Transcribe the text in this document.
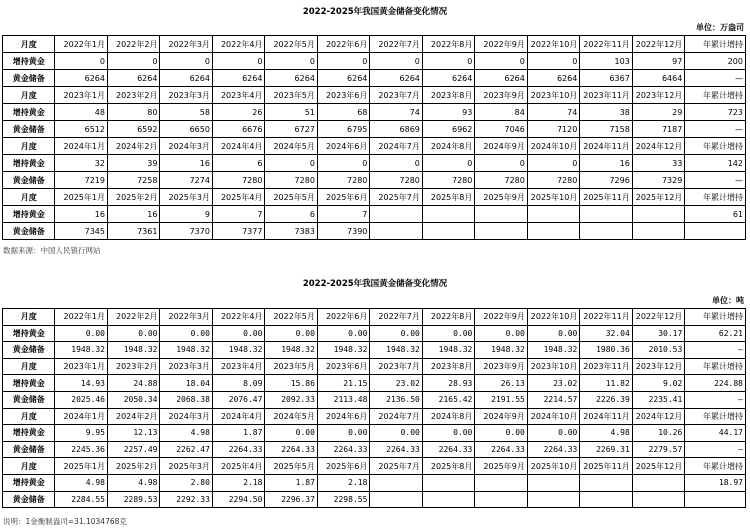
2022-2025年我国黄金储备变化情况
单位：万盎司
月度	2022年1月	2022年2月	2022年3月	2022年4月	2022年5月	2022年6月	2022年7月	2022年8月	2022年9月	2022年10月	2022年11月	2022年12月	年累计增持
增持黄金	0	0	0	0	0	0	0	0	0	0	103	97	200
黄金储备	6264	6264	6264	6264	6264	6264	6264	6264	6264	6264	6367	6464	—
月度	2023年1月	2023年2月	2023年3月	2023年4月	2023年5月	2023年6月	2023年7月	2023年8月	2023年9月	2023年10月	2023年11月	2023年12月	年累计增持
增持黄金	48	80	58	26	51	68	74	93	84	74	38	29	723
黄金储备	6512	6592	6650	6676	6727	6795	6869	6962	7046	7120	7158	7187	—
月度	2024年1月	2024年2月	2024年3月	2024年4月	2024年5月	2024年6月	2024年7月	2024年8月	2024年9月	2024年10月	2024年11月	2024年12月	年累计增持
增持黄金	32	39	16	6	0	0	0	0	0	0	16	33	142
黄金储备	7219	7258	7274	7280	7280	7280	7280	7280	7280	7280	7296	7329	—
月度	2025年1月	2025年2月	2025年3月	2025年4月	2025年5月	2025年6月	2025年7月	2025年8月	2025年9月	2025年10月	2025年11月	2025年12月	年累计增持
增持黄金	16	16	9	7	6	7							61
黄金储备	7345	7361	7370	7377	7383	7390							
数据来源：中国人民银行网站
2022-2025年我国黄金储备变化情况
单位：吨
月度	2022年1月	2022年2月	2022年3月	2022年4月	2022年5月	2022年6月	2022年7月	2022年8月	2022年9月	2022年10月	2022年11月	2022年12月	年累计增持
增持黄金	0.00	0.00	0.00	0.00	0.00	0.00	0.00	0.00	0.00	0.00	32.04	30.17	62.21
黄金储备	1948.32	1948.32	1948.32	1948.32	1948.32	1948.32	1948.32	1948.32	1948.32	1948.32	1980.36	2010.53	—
月度	2023年1月	2023年2月	2023年3月	2023年4月	2023年5月	2023年6月	2023年7月	2023年8月	2023年9月	2023年10月	2023年11月	2023年12月	年累计增持
增持黄金	14.93	24.88	18.04	8.09	15.86	21.15	23.02	28.93	26.13	23.02	11.82	9.02	224.88
黄金储备	2025.46	2050.34	2068.38	2076.47	2092.33	2113.48	2136.50	2165.42	2191.55	2214.57	2226.39	2235.41	—
月度	2024年1月	2024年2月	2024年3月	2024年4月	2024年5月	2024年6月	2024年7月	2024年8月	2024年9月	2024年10月	2024年11月	2024年12月	年累计增持
增持黄金	9.95	12.13	4.98	1.87	0.00	0.00	0.00	0.00	0.00	0.00	4.98	10.26	44.17
黄金储备	2245.36	2257.49	2262.47	2264.33	2264.33	2264.33	2264.33	2264.33	2264.33	2264.33	2269.31	2279.57	—
月度	2025年1月	2025年2月	2025年3月	2025年4月	2025年5月	2025年6月	2025年7月	2025年8月	2025年9月	2025年10月	2025年11月	2025年12月	年累计增持
增持黄金	4.98	4.98	2.80	2.18	1.87	2.18							18.97
黄金储备	2284.55	2289.53	2292.33	2294.50	2296.37	2298.55							
说明：1金衡制盎司=31.1034768克
